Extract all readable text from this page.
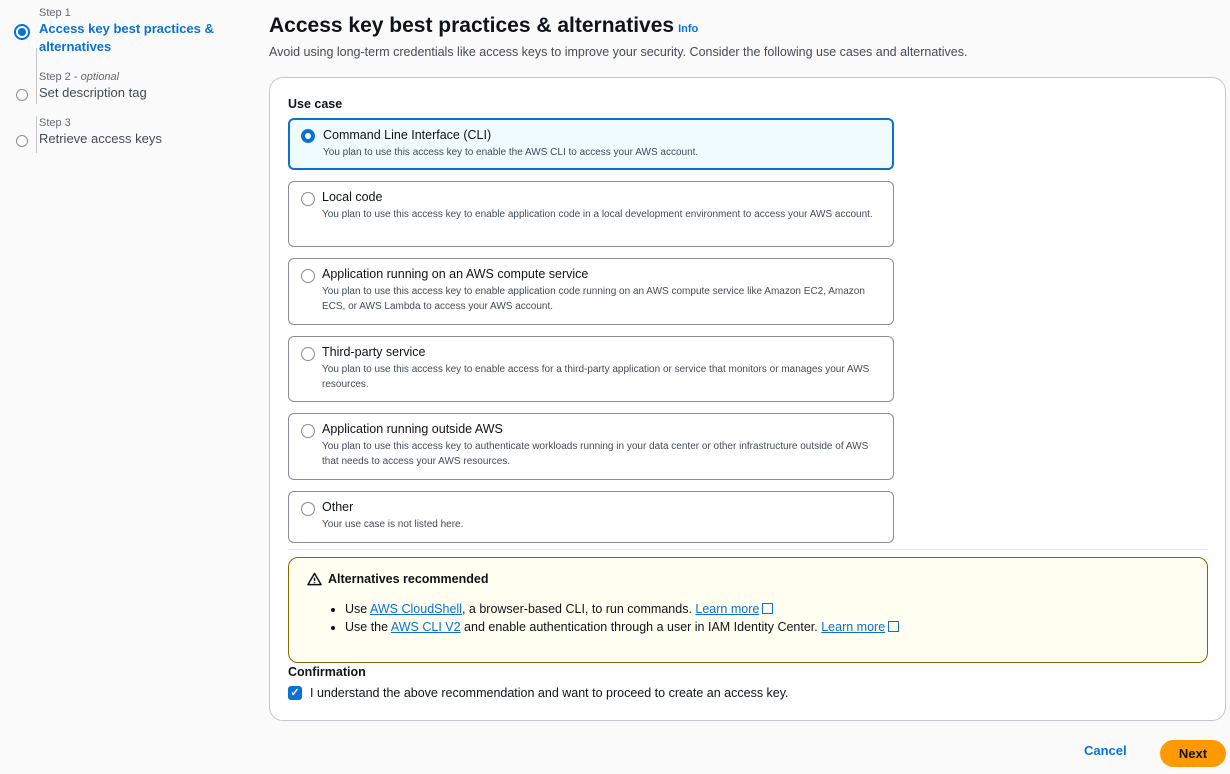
Step 1
Access key best practices & alternatives
Step 2 - optional
Set description tag
Step 3
Retrieve access keys
Access key best practices & alternatives Info

Avoid using long-term credentials like access keys to improve your security. Consider the following use cases and alternatives.

Use case
Command Line Interface (CLI)
You plan to use this access key to enable the AWS CLI to access your AWS account.
Local code
You plan to use this access key to enable application code in a local development environment to access your AWS account.
Application running on an AWS compute service
You plan to use this access key to enable application code running on an AWS compute service like Amazon EC2, Amazon ECS, or AWS Lambda to access your AWS account.
Third-party service
You plan to use this access key to enable access for a third-party application or service that monitors or manages your AWS resources.
Application running outside AWS
You plan to use this access key to authenticate workloads running in your data center or other infrastructure outside of AWS that needs to access your AWS resources.
Other
Your use case is not listed here.
Alternatives recommended
• Use AWS CloudShell, a browser-based CLI, to run commands. Learn more
• Use the AWS CLI V2 and enable authentication through a user in IAM Identity Center. Learn more
Confirmation
✓ I understand the above recommendation and want to proceed to create an access key.
Cancel	Next
